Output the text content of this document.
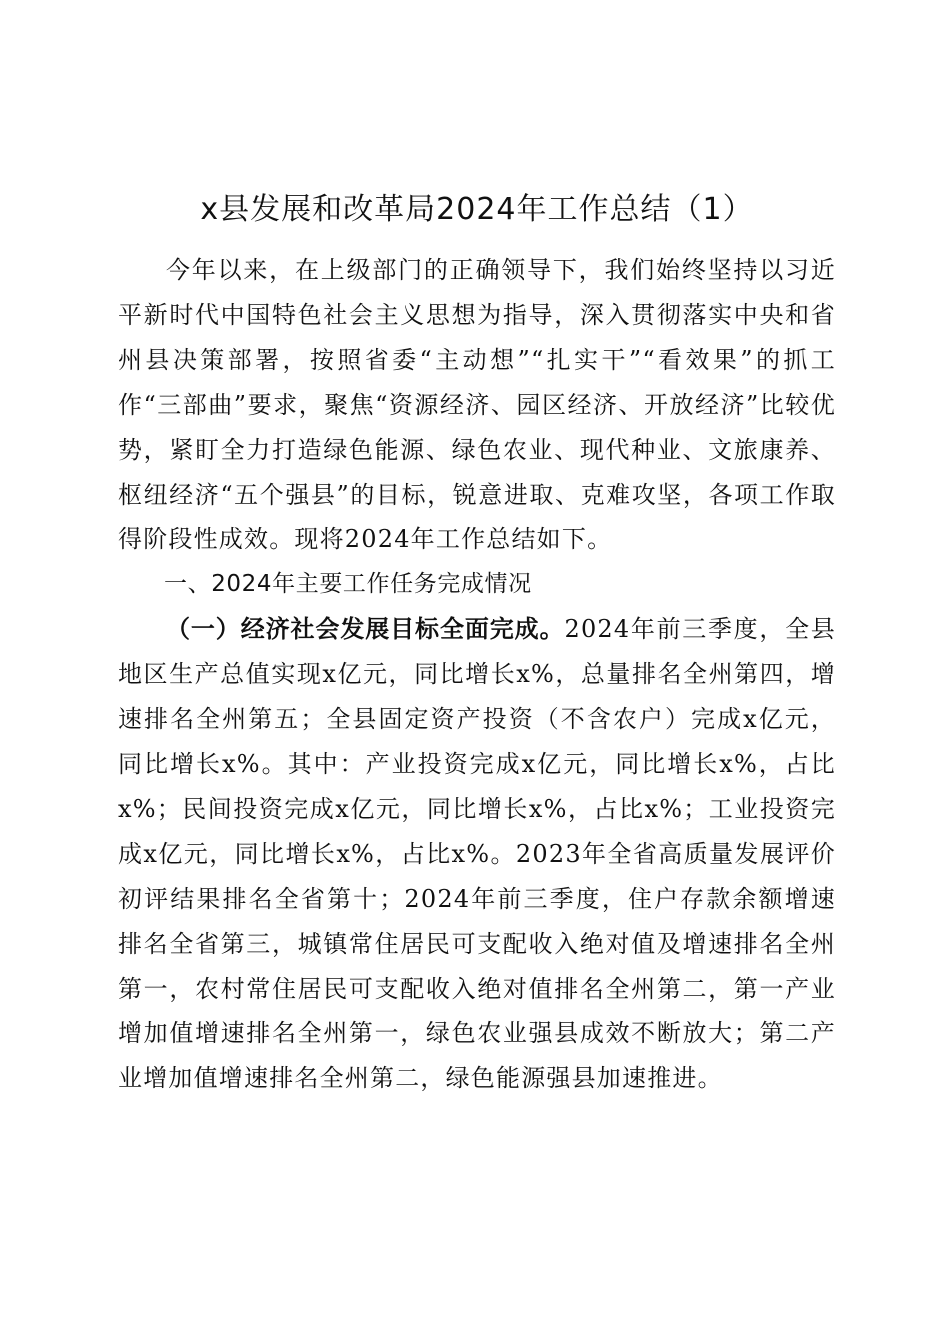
x县发展和改革局2024年工作总结（1）

今年以来，在上级部门的正确领导下，我们始终坚持以习近平新时代中国特色社会主义思想为指导，深入贯彻落实中央和省州县决策部署，按照省委“主动想”“扎实干”“看效果”的抓工作“三部曲”要求，聚焦“资源经济、园区经济、开放经济”比较优势，紧盯全力打造绿色能源、绿色农业、现代种业、文旅康养、枢纽经济“五个强县”的目标，锐意进取、克难攻坚，各项工作取得阶段性成效。现将2024年工作总结如下。

一、2024年主要工作任务完成情况

（一）经济社会发展目标全面完成。2024年前三季度，全县地区生产总值实现x亿元，同比增长x%，总量排名全州第四，增速排名全州第五；全县固定资产投资（不含农户）完成x亿元，同比增长x%。其中：产业投资完成x亿元，同比增长x%，占比x%；民间投资完成x亿元，同比增长x%，占比x%；工业投资完成x亿元，同比增长x%，占比x%。2023年全省高质量发展评价初评结果排名全省第十；2024年前三季度，住户存款余额增速排名全省第三，城镇常住居民可支配收入绝对值及增速排名全州第一，农村常住居民可支配收入绝对值排名全州第二，第一产业增加值增速排名全州第一，绿色农业强县成效不断放大；第二产业增加值增速排名全州第二，绿色能源强县加速推进。
